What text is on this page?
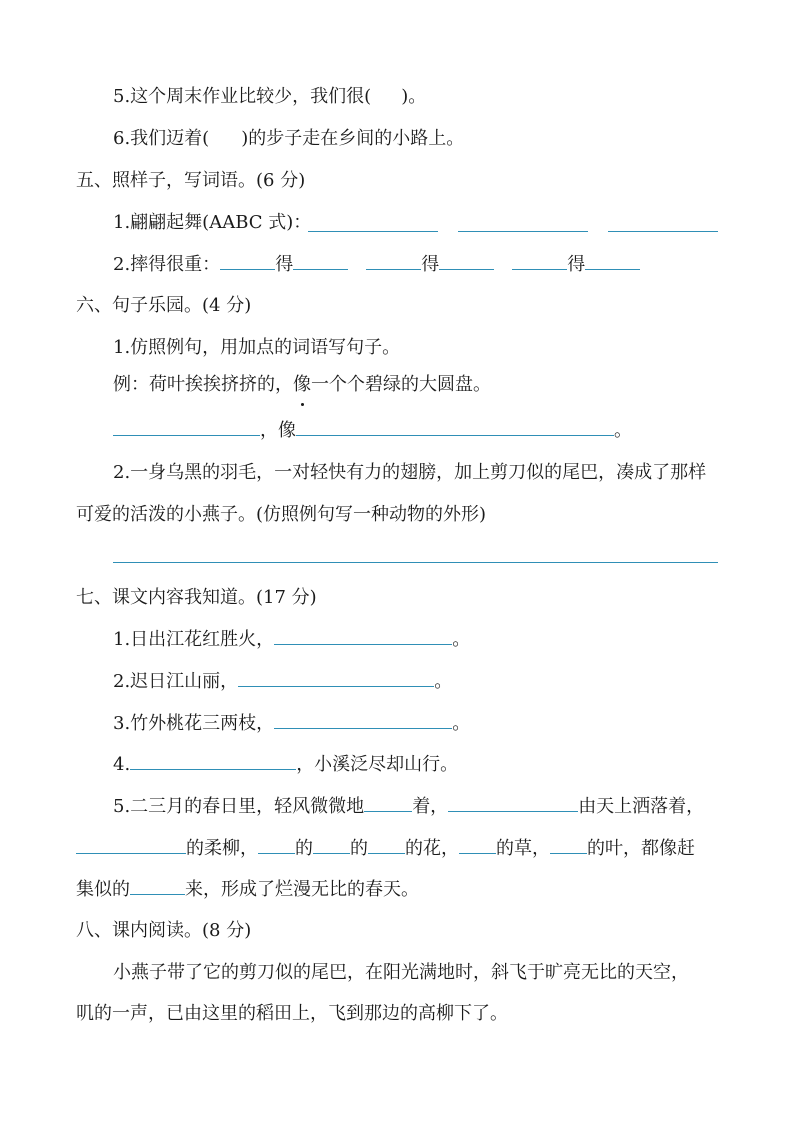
5.这个周末作业比较少，我们很( )。
6.我们迈着( )的步子走在乡间的小路上。
五、照样子，写词语。(6 分)
1.翩翩起舞(AABC 式)：
2.摔得很重：	得	得	得
六、句子乐园。(4 分)
1.仿照例句，用加点的词语写句子。
例：荷叶挨挨挤挤的，像一个个碧绿的大圆盘。
，像	。
2.一身乌黑的羽毛，一对轻快有力的翅膀，加上剪刀似的尾巴，凑成了那样
可爱的活泼的小燕子。(仿照例句写一种动物的外形)
七、课文内容我知道。(17 分)
1.日出江花红胜火，	。
2.迟日江山丽，	。
3.竹外桃花三两枝，	。
4.	，小溪泛尽却山行。
5.二三月的春日里，轻风微微地	着，	由天上洒落着，
的柔柳， 的 的 的花， 的草， 的叶，都像赶
集似的	来，形成了烂漫无比的春天。
八、课内阅读。(8 分)
小燕子带了它的剪刀似的尾巴，在阳光满地时，斜飞于旷亮无比的天空，
叽的一声，已由这里的稻田上，飞到那边的高柳下了。
